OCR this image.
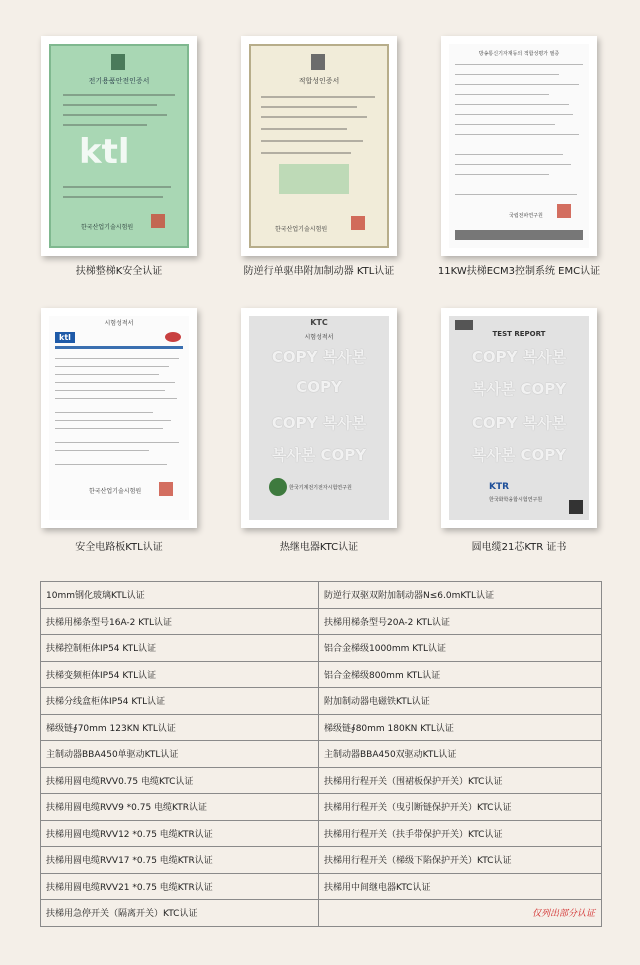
전기용품안전인증서
ktl
한국산업기술시험원
扶梯整梯K安全认证
적합성인증서
한국산업기술시험원
防逆行单驱串附加制动器 KTL认证
방송통신기자재등의 적합성평가 필증
국립전파연구원
11KW扶梯ECM3控制系统 EMC认证
시험성적서
ktl
한국산업기술시험원
安全电路板KTL认证
KTC
시험성적서
COPY 복사본
COPY
COPY 복사본
복사본 COPY
한국기계전기전자시험연구원
热继电器KTC认证
TEST REPORT
COPY 복사본
복사본 COPY
COPY 복사본
복사본 COPY
KTR
한국화학융합시험연구원
圆电缆21芯KTR 证书
10mm钢化玻璃KTL认证	防逆行双驱双附加制动器N≤6.0mKTL认证
扶梯用梯条型号16A-2 KTL认证	扶梯用梯条型号20A-2 KTL认证
扶梯控制柜体IP54 KTL认证	铝合金梯级1000mm KTL认证
扶梯变频柜体IP54 KTL认证	铝合金梯级800mm KTL认证
扶梯分线盒柜体IP54 KTL认证	附加制动器电磁铁KTL认证
梯级链∮70mm 123KN KTL认证	梯级链∮80mm 180KN KTL认证
主制动器BBA450单驱动KTL认证	主制动器BBA450双驱动KTL认证
扶梯用圆电缆RVV0.75 电缆KTC认证	扶梯用行程开关（围裙板保护开关）KTC认证
扶梯用圆电缆RVV9 *0.75 电缆KTR认证	扶梯用行程开关（曳引断链保护开关）KTC认证
扶梯用圆电缆RVV12 *0.75 电缆KTR认证	扶梯用行程开关（扶手带保护开关）KTC认证
扶梯用圆电缆RVV17 *0.75 电缆KTR认证	扶梯用行程开关（梯级下陷保护开关）KTC认证
扶梯用圆电缆RVV21 *0.75 电缆KTR认证	扶梯用中间继电器KTC认证
扶梯用急停开关（隔离开关）KTC认证	仅列出部分认证
